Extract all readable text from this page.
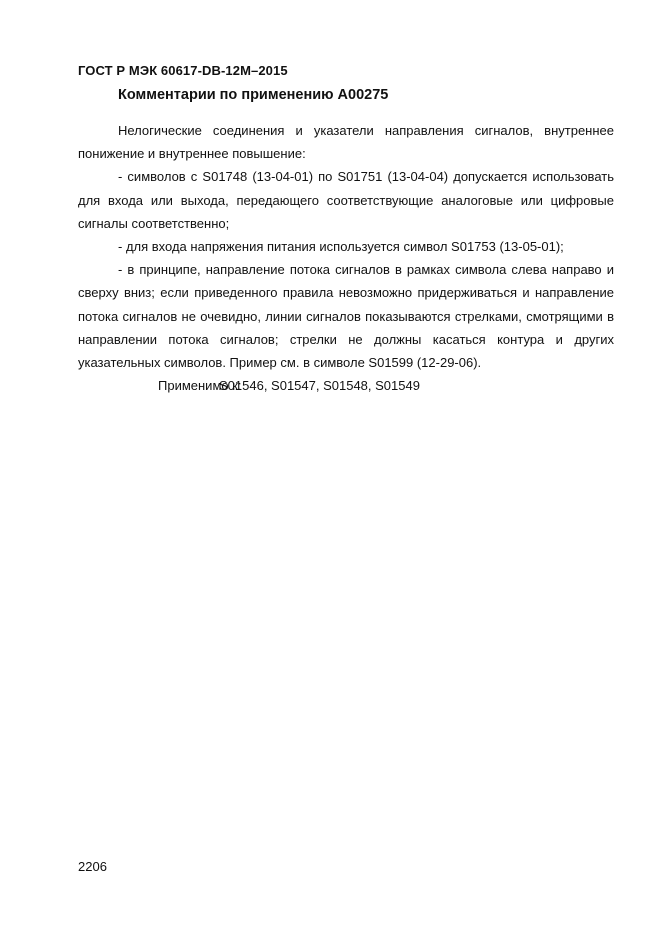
ГОСТ Р МЭК 60617-DB-12M–2015
Комментарии по применению А00275

Нелогические соединения и указатели направления сигналов, внутреннее понижение и внутреннее повышение:

- символов с S01748 (13-04-01) по S01751 (13-04-04) допускается использовать для входа или выхода, передающего соответствующие аналоговые или цифровые сигналы соответственно;

- для входа напряжения питания используется символ S01753 (13-05-01);

- в принципе, направление потока сигналов в рамках символа слева направо и сверху вниз; если приведенного правила невозможно придерживаться и направление потока сигналов не очевидно, линии сигналов показываются стрелками, смотрящими в направлении потока сигналов; стрелки не должны касаться контура и других указательных символов. Пример см. в символе S01599 (12-29-06).

Применимо к:S01546, S01547, S01548, S01549

2206
